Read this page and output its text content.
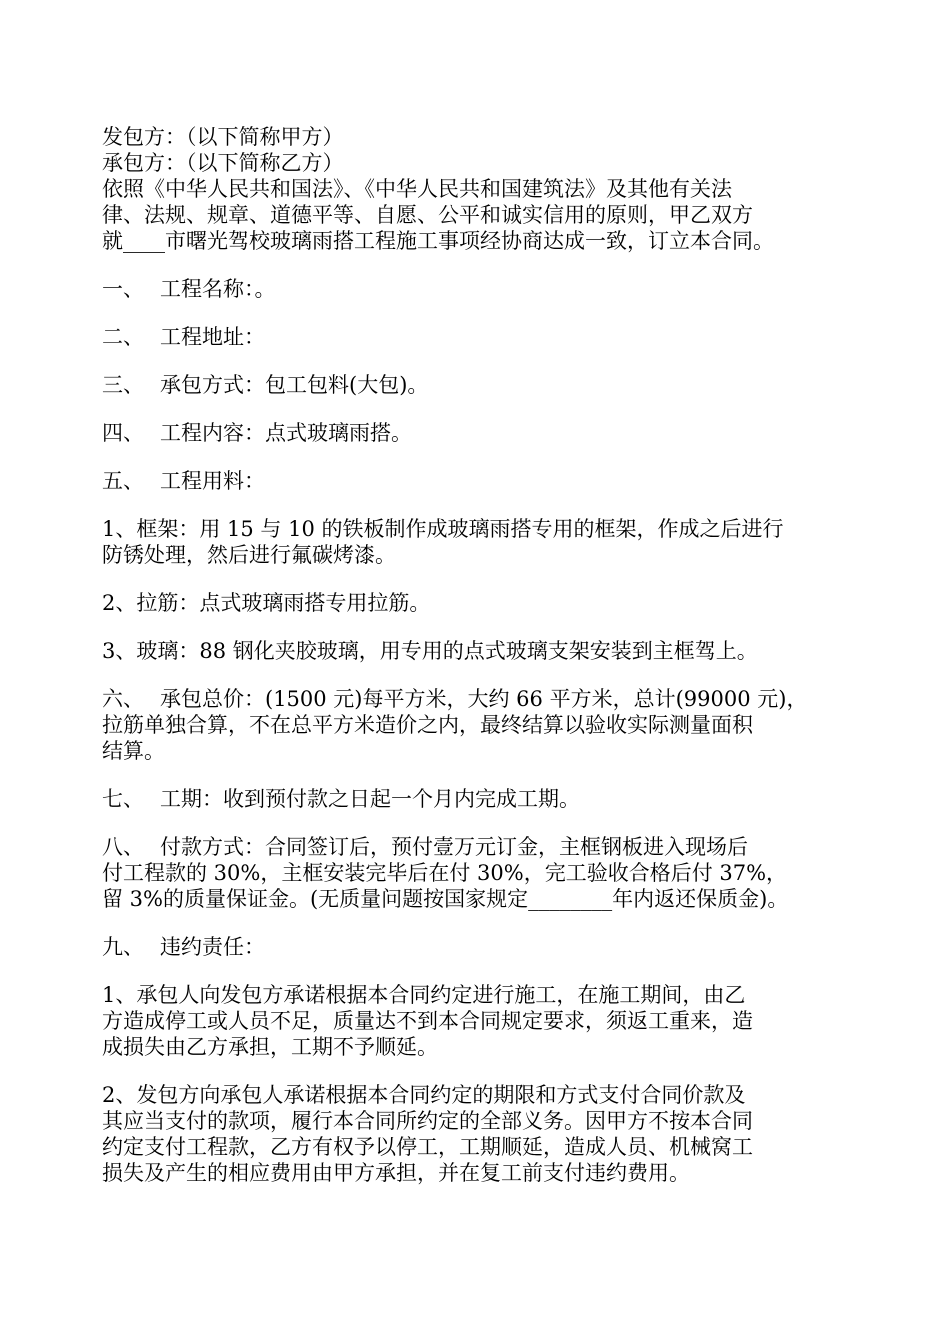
发包方：（以下简称甲方）
承包方：（以下简称乙方）
依照《中华人民共和国法》、《中华人民共和国建筑法》及其他有关法
律、法规、规章、道德平等、自愿、公平和诚实信用的原则，甲乙双方
就____市曙光驾校玻璃雨搭工程施工事项经协商达成一致，订立本合同。
一、 工程名称：。
二、 工程地址：
三、 承包方式：包工包料(大包)。
四、 工程内容：点式玻璃雨搭。
五、 工程用料：
1、框架：用 15 与 10 的铁板制作成玻璃雨搭专用的框架，作成之后进行
防锈处理，然后进行氟碳烤漆。
2、拉筋：点式玻璃雨搭专用拉筋。
3、玻璃：88 钢化夹胶玻璃，用专用的点式玻璃支架安装到主框驾上。
六、 承包总价：(1500 元)每平方米，大约 66 平方米，总计(99000 元)，
拉筋单独合算，不在总平方米造价之内，最终结算以验收实际测量面积
结算。
七、 工期：收到预付款之日起一个月内完成工期。
八、 付款方式：合同签订后，预付壹万元订金，主框钢板进入现场后
付工程款的 30%，主框安装完毕后在付 30%，完工验收合格后付 37%，
留 3%的质量保证金。(无质量问题按国家规定________年内返还保质金)。
九、 违约责任：
1、承包人向发包方承诺根据本合同约定进行施工，在施工期间，由乙
方造成停工或人员不足，质量达不到本合同规定要求，须返工重来，造
成损失由乙方承担，工期不予顺延。
2、发包方向承包人承诺根据本合同约定的期限和方式支付合同价款及
其应当支付的款项，履行本合同所约定的全部义务。因甲方不按本合同
约定支付工程款，乙方有权予以停工，工期顺延，造成人员、机械窝工
损失及产生的相应费用由甲方承担，并在复工前支付违约费用。
